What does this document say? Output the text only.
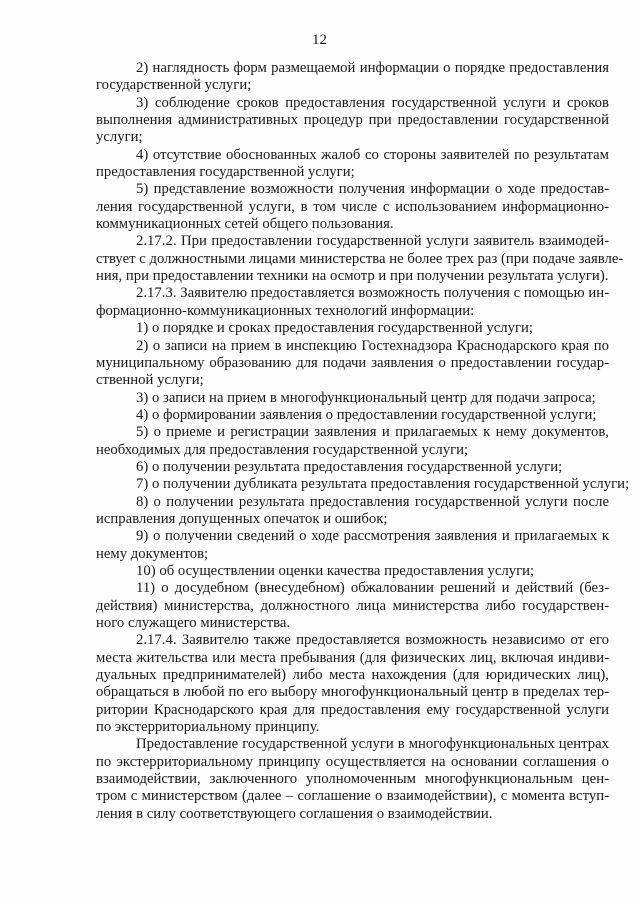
12
2) наглядность форм размещаемой информации о порядке предоставления
государственной услуги;
3) соблюдение сроков предоставления государственной услуги и сроков
выполнения административных процедур при предоставлении государственной
услуги;
4) отсутствие обоснованных жалоб со стороны заявителей по результатам
предоставления государственной услуги;
5) представление возможности получения информации о ходе предостав-
ления государственной услуги, в том числе с использованием информационно-
коммуникационных сетей общего пользования.
2.17.2. При предоставлении государственной услуги заявитель взаимодей-
ствует с должностными лицами министерства не более трех раз (при подаче заявле-
ния, при предоставлении техники на осмотр и при получении результата услуги).
2.17.3. Заявителю предоставляется возможность получения с помощью ин-
формационно-коммуникационных технологий информации:
1) о порядке и сроках предоставления государственной услуги;
2) о записи на прием в инспекцию Гостехнадзора Краснодарского края по
муниципальному образованию для подачи заявления о предоставлении государ-
ственной услуги;
3) о записи на прием в многофункциональный центр для подачи запроса;
4) о формировании заявления о предоставлении государственной услуги;
5) о приеме и регистрации заявления и прилагаемых к нему документов,
необходимых для предоставления государственной услуги;
6) о получении результата предоставления государственной услуги;
7) о получении дубликата результата предоставления государственной услуги;
8) о получении результата предоставления государственной услуги после
исправления допущенных опечаток и ошибок;
9) о получении сведений о ходе рассмотрения заявления и прилагаемых к
нему документов;
10) об осуществлении оценки качества предоставления услуги;
11) о досудебном (внесудебном) обжаловании решений и действий (без-
действия) министерства, должностного лица министерства либо государствен-
ного служащего министерства.
2.17.4. Заявителю также предоставляется возможность независимо от его
места жительства или места пребывания (для физических лиц, включая индиви-
дуальных предпринимателей) либо места нахождения (для юридических лиц),
обращаться в любой по его выбору многофункциональный центр в пределах тер-
ритории Краснодарского края для предоставления ему государственной услуги
по экстерриториальному принципу.
Предоставление государственной услуги в многофункциональных центрах
по экстерриториальному принципу осуществляется на основании соглашения о
взаимодействии, заключенного уполномоченным многофункциональным цен-
тром с министерством (далее – соглашение о взаимодействии), с момента вступ-
ления в силу соответствующего соглашения о взаимодействии.
